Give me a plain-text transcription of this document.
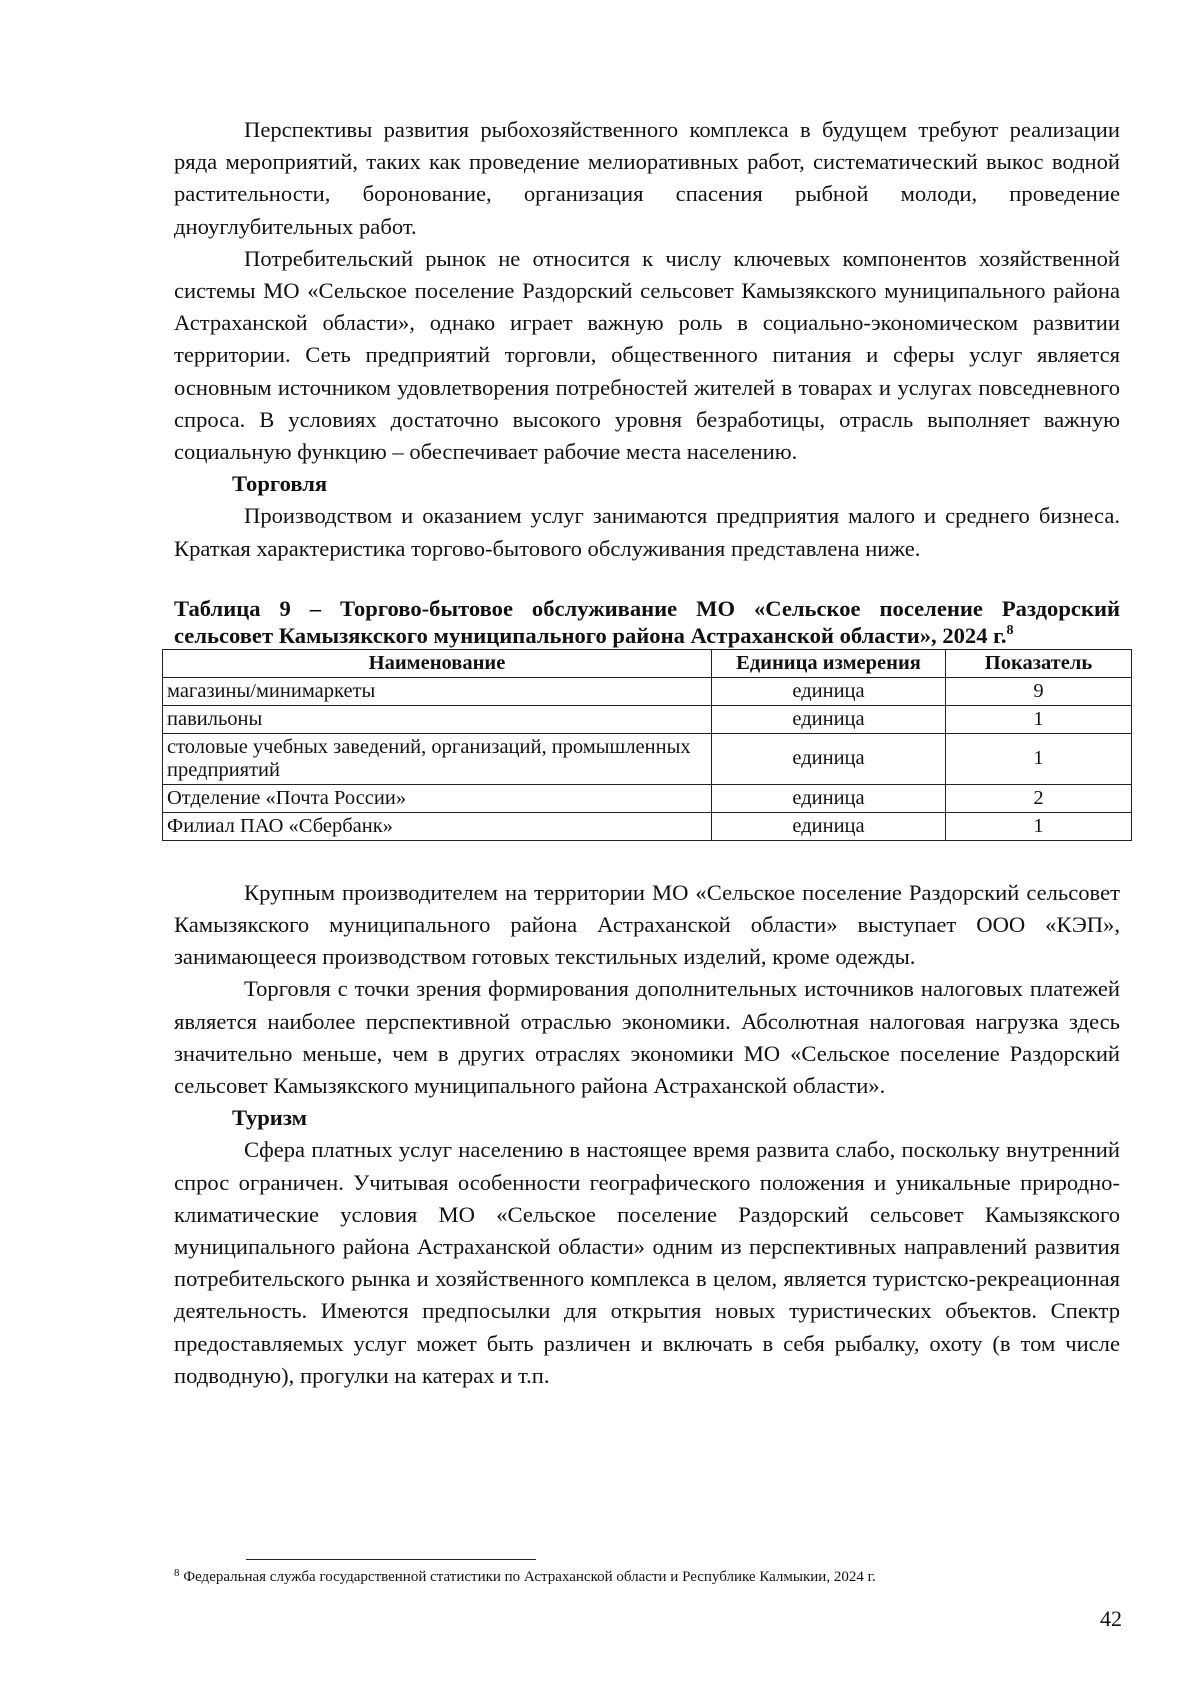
Перспективы развития рыбохозяйственного комплекса в будущем требуют реализации ряда мероприятий, таких как проведение мелиоративных работ, систематический выкос водной растительности, боронование, организация спасения рыбной молоди, проведение дноуглубительных работ.

Потребительский рынок не относится к числу ключевых компонентов хозяйственной системы МО «Сельское поселение Раздорский сельсовет Камызякского муниципального района Астраханской области», однако играет важную роль в социально-экономическом развитии территории. Сеть предприятий торговли, общественного питания и сферы услуг является основным источником удовлетворения потребностей жителей в товарах и услугах повседневного спроса. В условиях достаточно высокого уровня безработицы, отрасль выполняет важную социальную функцию – обеспечивает рабочие места населению.

Торговля

Производством и оказанием услуг занимаются предприятия малого и среднего бизнеса. Краткая характеристика торгово-бытового обслуживания представлена ниже.

Таблица 9 – Торгово-бытовое обслуживание МО «Сельское поселение Раздорский

сельсовет Камызякского муниципального района Астраханской области», 2024 г.$^8$

Наименование	Единица измерения	Показатель
магазины/минимаркеты	единица	9
павильоны	единица	1
столовые учебных заведений, организаций, промышленных предприятий	единица	1
Отделение «Почта России»	единица	2
Филиал ПАО «Сбербанк»	единица	1

Крупным производителем на территории МО «Сельское поселение Раздорский сельсовет Камызякского муниципального района Астраханской области» выступает ООО «КЭП», занимающееся производством готовых текстильных изделий, кроме одежды.

Торговля с точки зрения формирования дополнительных источников налоговых платежей является наиболее перспективной отраслью экономики. Абсолютная налоговая нагрузка здесь значительно меньше, чем в других отраслях экономики МО «Сельское поселение Раздорский сельсовет Камызякского муниципального района Астраханской области».

Туризм

Сфера платных услуг населению в настоящее время развита слабо, поскольку внутренний спрос ограничен. Учитывая особенности географического положения и уникальные природно-климатические условия МО «Сельское поселение Раздорский сельсовет Камызякского муниципального района Астраханской области» одним из перспективных направлений развития потребительского рынка и хозяйственного комплекса в целом, является туристско-рекреационная деятельность. Имеются предпосылки для открытия новых туристических объектов. Спектр предоставляемых услуг может быть различен и включать в себя рыбалку, охоту (в том числе подводную), прогулки на катерах и т.п.

$^8$ Федеральная служба государственной статистики по Астраханской области и Республике Калмыкии, 2024 г.
42
